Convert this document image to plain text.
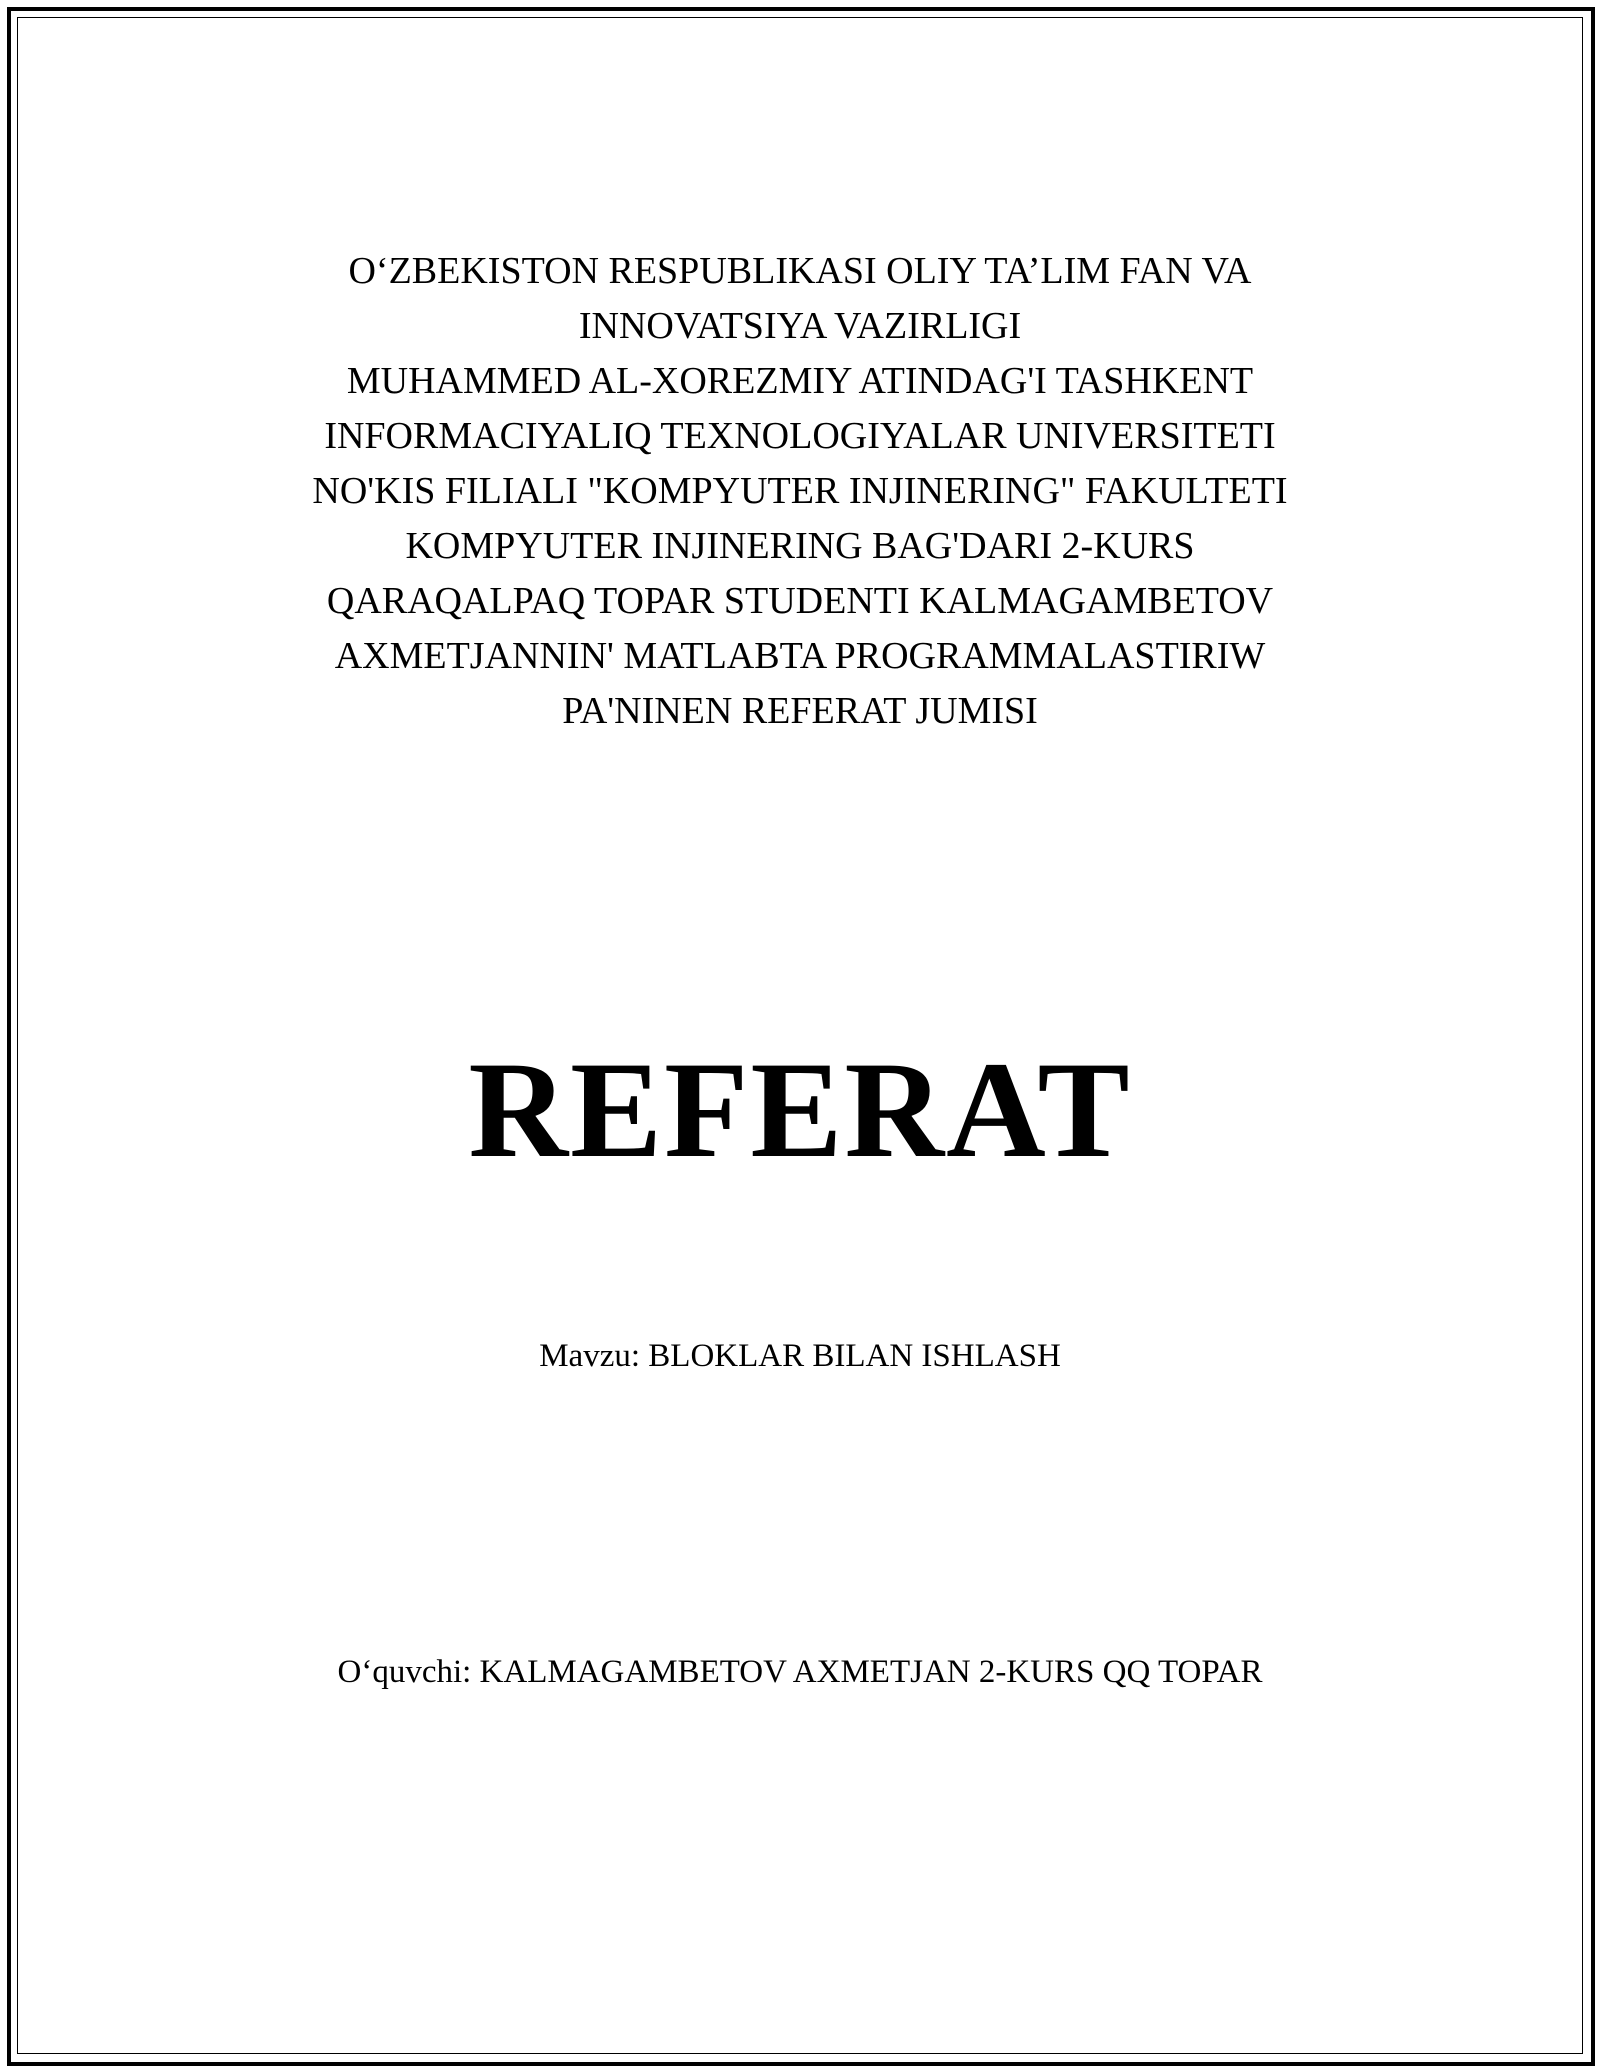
O‘ZBEKISTON RESPUBLIKASI OLIY TA’LIM FAN VA
INNOVATSIYA VAZIRLIGI
MUHAMMED AL-XOREZMIY ATINDAG'I TASHKENT
INFORMACIYALIQ TEXNOLOGIYALAR UNIVERSITETI
NO'KIS FILIALI "KOMPYUTER INJINERING" FAKULTETI
KOMPYUTER INJINERING BAG'DARI 2-KURS
QARAQALPAQ TOPAR STUDENTI KALMAGAMBETOV
AXMETJANNIN' MATLABTA PROGRAMMALASTIRIW
PA'NINEN REFERAT JUMISI
REFERAT
Mavzu: BLOKLAR BILAN ISHLASH
O‘quvchi: KALMAGAMBETOV AXMETJAN 2-KURS QQ TOPAR
